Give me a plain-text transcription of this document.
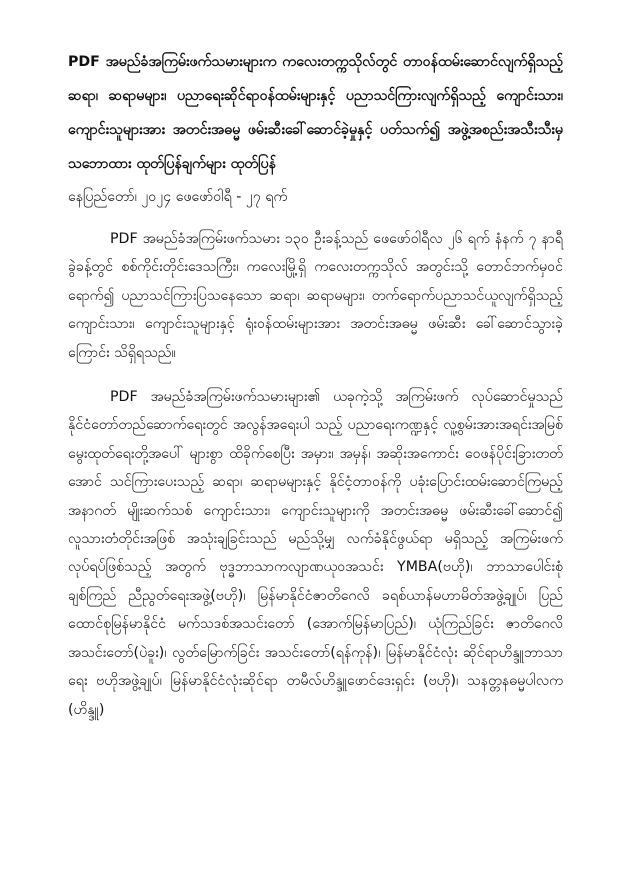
PDF အမည်ခံအကြမ်းဖက်သမားများက ကလေးတက္ကသိုလ်တွင် တာဝန်ထမ်းဆောင်လျက်ရှိသည့် ဆရာ၊ ဆရာမများ၊ ပညာရေးဆိုင်ရာဝန်ထမ်းများနှင့် ပညာသင်ကြားလျက်ရှိသည့် ကျောင်းသား၊ ကျောင်းသူများအား အတင်းအဓမ္မ ဖမ်းဆီးခေါ်ဆောင်ခဲ့မှုနှင့် ပတ်သက်၍ အဖွဲ့အစည်းအသီးသီးမှ သဘောထား ထုတ်ပြန်ချက်များ ထုတ်ပြန်
နေပြည်တော်၊ ၂၀၂၄ ဖေဖော်ဝါရီ - ၂၇ ရက်

PDF အမည်ခံအကြမ်းဖက်သမား ၁၃၀ ဦးခန့်သည် ဖေဖော်ဝါရီလ ၂၆ ရက် နံနက် ၇ နာရီခွဲခန့်တွင် စစ်ကိုင်းတိုင်းဒေသကြီး၊ ကလေးမြို့ရှိ ကလေးတက္ကသိုလ် အတွင်းသို့ တောင်ဘက်မှဝင်ရောက်၍ ပညာသင်ကြားပြသနေသော ဆရာ၊ ဆရာမများ၊ တက်ရောက်ပညာသင်ယူလျက်ရှိသည့် ကျောင်းသား၊ ကျောင်းသူများနှင့် ရုံးဝန်ထမ်းများအား အတင်းအဓမ္မ ဖမ်းဆီး ခေါ်ဆောင်သွားခဲ့ကြောင်း သိရှိရသည်။

PDF အမည်ခံအကြမ်းဖက်သမားများ၏ ယခုကဲ့သို့ အကြမ်းဖက် လုပ်ဆောင်မှုသည် နိုင်ငံတော်တည်ဆောက်ရေးတွင် အလွန်အရေးပါ သည့် ပညာရေးကဏ္ဍနှင့် လူ့စွမ်းအားအရင်းအမြစ် မွေးထုတ်ရေးတို့အပေါ် များစွာ ထိခိုက်စေပြီး အမှား၊ အမှန်၊ အဆိုးအကောင်း ဝေဖန်ပိုင်းခြားတတ်အောင် သင်ကြားပေးသည့် ဆရာ၊ ဆရာမများနှင့် နိုင်ငံ့တာဝန်ကို ပခုံးပြောင်းထမ်းဆောင်ကြမည့် အနာဂတ် မျိုးဆက်သစ် ကျောင်းသား၊ ကျောင်းသူများကို အတင်းအဓမ္မ ဖမ်းဆီးခေါ်ဆောင်၍ လူသားတံတိုင်းအဖြစ် အသုံးချခြင်းသည် မည်သို့မျှ လက်ခံနိုင်ဖွယ်ရာ မရှိသည့် အကြမ်းဖက်လုပ်ရပ်ဖြစ်သည့် အတွက် ဗုဒ္ဓဘာသာကလျာဏယုဝအသင်း YMBA(ဗဟို)၊ ဘာသာပေါင်းစုံ ချစ်ကြည် ညီညွတ်ရေးအဖွဲ့(ဗဟို)၊ မြန်မာနိုင်ငံဇာတိဂေလိ ခရစ်ယာန်မဟာမိတ်အဖွဲ့ချုပ်၊ ပြည် ထောင်စုမြန်မာနိုင်ငံ မက်သဒစ်အသင်းတော် (အောက်မြန်မာပြည်)၊ ယုံကြည်ခြင်း ဇာတိဂေလိအသင်းတော်(ပဲခူး)၊ လွတ်မြောက်ခြင်း အသင်းတော်(ရန်ကုန်)၊ မြန်မာနိုင်ငံလုံး ဆိုင်ရာဟိန္ဒူဘာသာရေး ဗဟိုအဖွဲ့ချုပ်၊ မြန်မာနိုင်ငံလုံးဆိုင်ရာ တမီလ်ဟိန္ဒူဖောင်ဒေးရှင်း (ဗဟို)၊ သနတ္တနဓမ္မပါလက (ဟိန္ဒူ)
